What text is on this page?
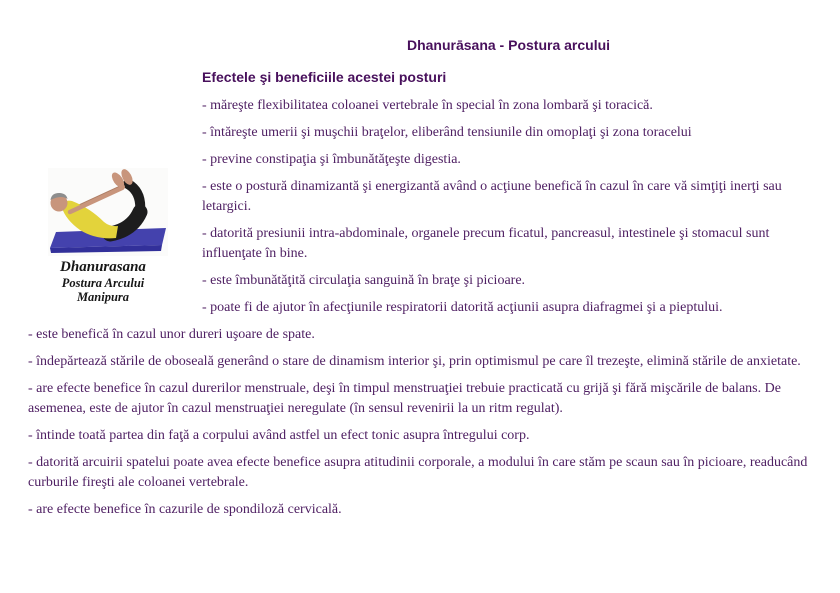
Dhanurasana
Postura Arcului
Manipura
Dhanurāsana - Postura arcului
Efectele şi beneficiile acestei posturi

- măreşte flexibilitatea coloanei vertebrale în special în zona lombară şi toracică.

- întăreşte umerii şi muşchii braţelor, eliberând tensiunile din omoplaţi şi zona toracelui

- previne constipaţia şi îmbunătăţeşte digestia.

- este o postură dinamizantă şi energizantă având o acţiune benefică în cazul în care vă simţiţi inerţi sau letargici.

- datorită presiunii intra-abdominale, organele precum ficatul, pancreasul, intestinele şi stomacul sunt influenţate în bine.

- este îmbunătăţită circulaţia sanguină în braţe şi picioare.

- poate fi de ajutor în afecţiunile respiratorii datorită acţiunii asupra diafragmei şi a pieptului.

- este benefică în cazul unor dureri uşoare de spate.

- îndepărtează stările de oboseală generând o stare de dinamism interior şi, prin optimismul pe care îl trezeşte, elimină stările de anxietate.

- are efecte benefice în cazul durerilor menstruale, deşi în timpul menstruaţiei trebuie practicată cu grijă şi fără mişcările de balans. De asemenea, este de ajutor în cazul menstruaţiei neregulate (în sensul revenirii la un ritm regulat).

- întinde toată partea din faţă a corpului având astfel un efect tonic asupra întregului corp.

- datorită arcuirii spatelui poate avea efecte benefice asupra atitudinii corporale, a modului în care stăm pe scaun sau în picioare, readucând curburile fireşti ale coloanei vertebrale.

- are efecte benefice în cazurile de spondiloză cervicală.
